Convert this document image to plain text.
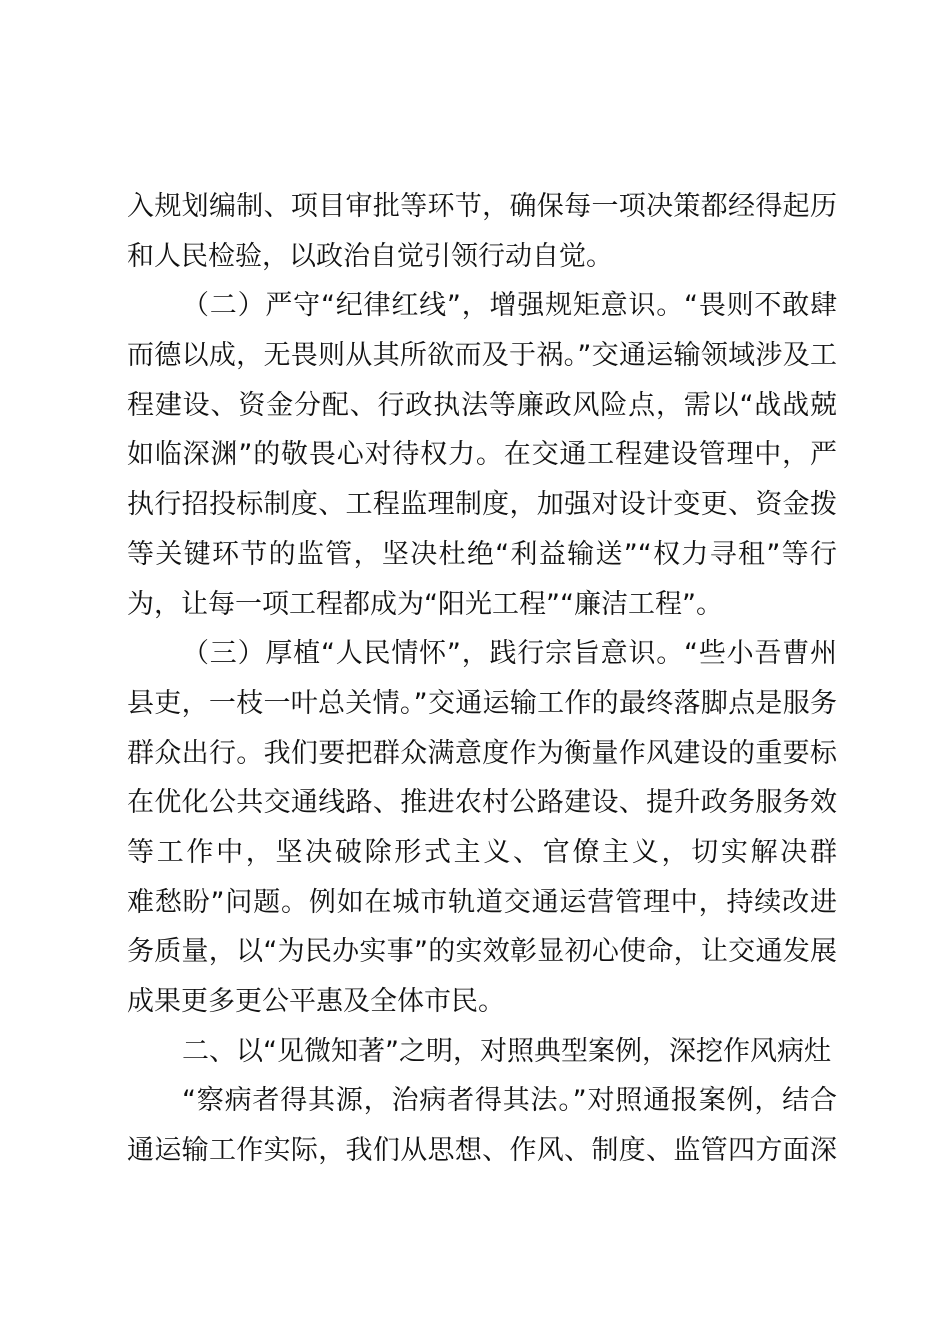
入规划编制、项目审批等环节，确保每一项决策都经得起历
和人民检验，以政治自觉引领行动自觉。
（二）严守“纪律红线”，增强规矩意识。“畏则不敢肆
而德以成，无畏则从其所欲而及于祸。”交通运输领域涉及工
程建设、资金分配、行政执法等廉政风险点，需以“战战兢
如临深渊”的敬畏心对待权力。在交通工程建设管理中，严
执行招投标制度、工程监理制度，加强对设计变更、资金拨
等关键环节的监管，坚决杜绝“利益输送”“权力寻租”等行
为，让每一项工程都成为“阳光工程”“廉洁工程”。
（三）厚植“人民情怀”，践行宗旨意识。“些小吾曹州
县吏，一枝一叶总关情。”交通运输工作的最终落脚点是服务
群众出行。我们要把群众满意度作为衡量作风建设的重要标
在优化公共交通线路、推进农村公路建设、提升政务服务效
等工作中，坚决破除形式主义、官僚主义，切实解决群
难愁盼”问题。例如在城市轨道交通运营管理中，持续改进
务质量，以“为民办实事”的实效彰显初心使命，让交通发展
成果更多更公平惠及全体市民。
二、以“见微知著”之明，对照典型案例，深挖作风病灶
“察病者得其源，治病者得其法。”对照通报案例，结合
通运输工作实际，我们从思想、作风、制度、监管四方面深
